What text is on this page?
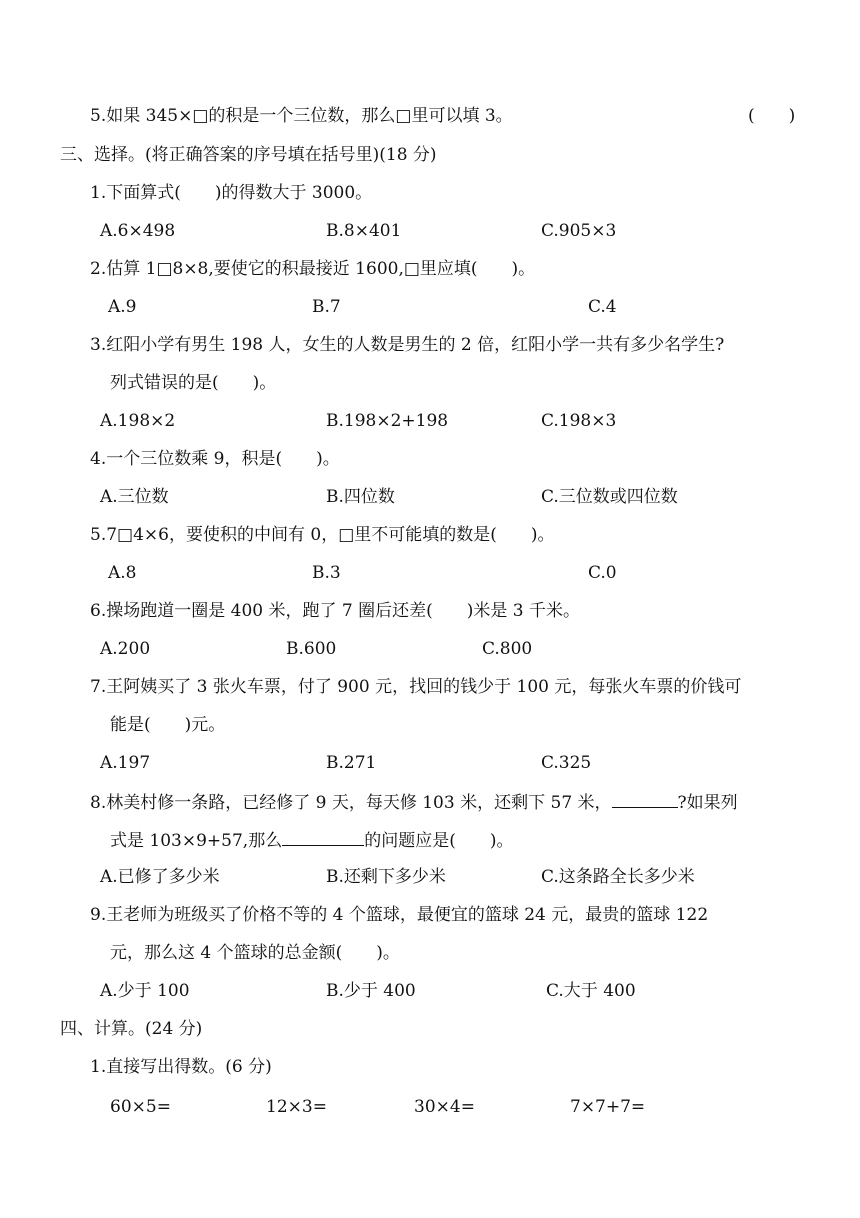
5.如果 345×□的积是一个三位数，那么□里可以填 3。	(　　)
三、选择。(将正确答案的序号填在括号里)(18 分)
1.下面算式(　　)的得数大于 3000。
A.6×498	B.8×401	C.905×3
2.估算 1□8×8,要使它的积最接近 1600,□里应填(　　)。
A.9	B.7	C.4
3.红阳小学有男生 198 人，女生的人数是男生的 2 倍，红阳小学一共有多少名学生?
列式错误的是(　　)。
A.198×2	B.198×2+198	C.198×3
4.一个三位数乘 9，积是(　　)。
A.三位数	B.四位数	C.三位数或四位数
5.7□4×6，要使积的中间有 0，□里不可能填的数是(　　)。
A.8	B.3	C.0
6.操场跑道一圈是 400 米，跑了 7 圈后还差(　　)米是 3 千米。
A.200	B.600	C.800
7.王阿姨买了 3 张火车票，付了 900 元，找回的钱少于 100 元，每张火车票的价钱可
能是(　　)元。
A.197	B.271	C.325
8.林美村修一条路，已经修了 9 天，每天修 103 米，还剩下 57 米，	?如果列
式是 103×9+57,那么	的问题应是(　　)。
A.已修了多少米	B.还剩下多少米	C.这条路全长多少米
9.王老师为班级买了价格不等的 4 个篮球，最便宜的篮球 24 元，最贵的篮球 122
元，那么这 4 个篮球的总金额(　　)。
A.少于 100	B.少于 400	C.大于 400
四、计算。(24 分)
1.直接写出得数。(6 分)
60×5=	12×3=	30×4=	7×7+7=
